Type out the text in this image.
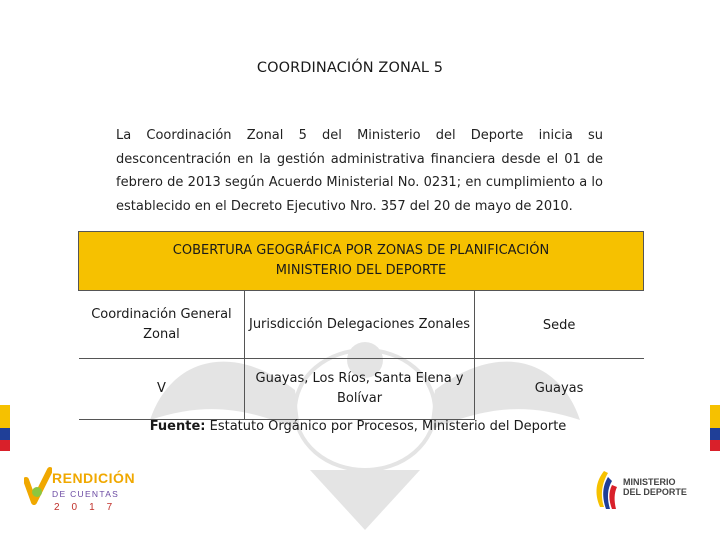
COORDINACIÓN ZONAL 5
La Coordinación Zonal 5 del Ministerio del Deporte inicia su desconcentración en la gestión administrativa financiera desde el 01 de febrero de 2013 según Acuerdo Ministerial No. 0231; en cumplimiento a lo establecido en el Decreto Ejecutivo Nro. 357 del 20 de mayo de 2010.
COBERTURA GEOGRÁFICA POR ZONAS DE PLANIFICACIÓN
MINISTERIO DEL DEPORTE		

Coordinación General Zonal	Jurisdicción Delegaciones Zonales	Sede
V	Guayas, Los Ríos, Santa Elena y Bolívar	Guayas
Fuente: Estatuto Orgánico por Procesos, Ministerio del Deporte
RENDICIÓN
DE CUENTAS
2017
MINISTERIO
DEL DEPORTE
